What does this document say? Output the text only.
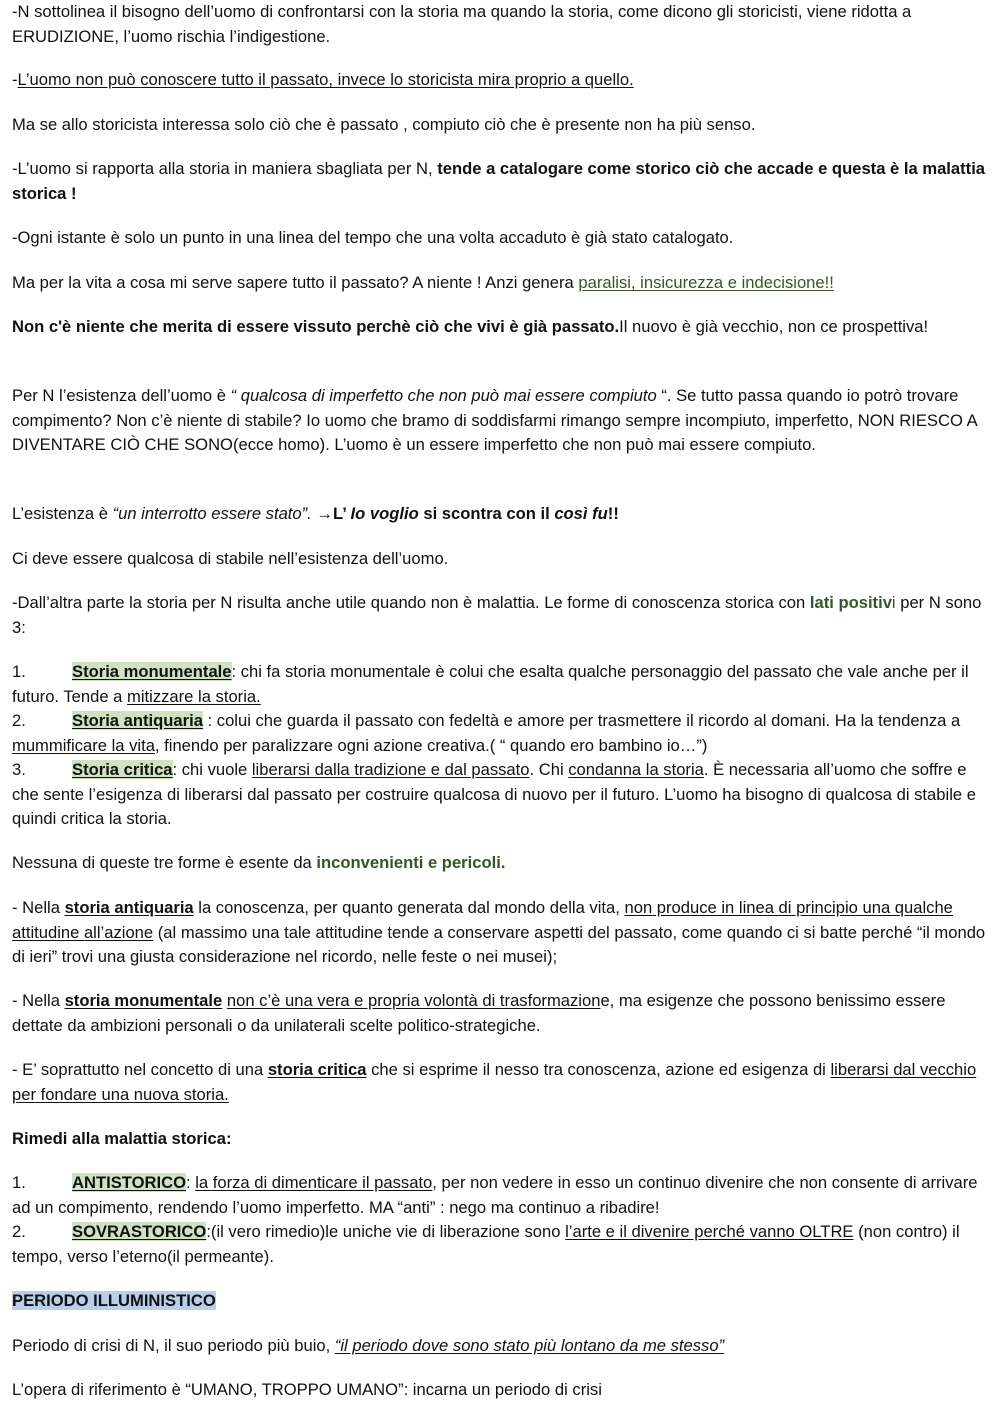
-N sottolinea il bisogno dell’uomo di confrontarsi con la storia ma quando la storia, come dicono gli storicisti, viene ridotta a ERUDIZIONE, l’uomo rischia l’indigestione.

-L’uomo non può conoscere tutto il passato, invece lo storicista mira proprio a quello.

Ma se allo storicista interessa solo ciò che è passato , compiuto ciò che è presente non ha più senso.

-L’uomo si rapporta alla storia in maniera sbagliata per N, tende a catalogare come storico ciò che accade e questa è la malattia storica !

-Ogni istante è solo un punto in una linea del tempo che una volta accaduto è già stato catalogato.

Ma per la vita a cosa mi serve sapere tutto il passato? A niente ! Anzi genera paralisi, insicurezza e indecisione!!

Non c'è niente che merita di essere vissuto perchè ciò che vivi è già passato.Il nuovo è già vecchio, non ce prospettiva!

Per N l’esistenza dell’uomo è “ qualcosa di imperfetto che non può mai essere compiuto “. Se tutto passa quando io potrò trovare compimento? Non c’è niente di stabile? Io uomo che bramo di soddisfarmi rimango sempre incompiuto, imperfetto, NON RIESCO A DIVENTARE CIÒ CHE SONO(ecce homo). L’uomo è un essere imperfetto che non può mai essere compiuto.

L’esistenza è “un interrotto essere stato”. →L’ Io voglio si scontra con il così fu!!

Ci deve essere qualcosa di stabile nell’esistenza dell’uomo.

-Dall’altra parte la storia per N risulta anche utile quando non è malattia. Le forme di conoscenza storica con lati positivi per N sono 3:

1.	Storia monumentale: chi fa storia monumentale è colui che esalta qualche personaggio del passato che vale anche per il futuro. Tende a mitizzare la storia.

2.	Storia antiquaria : colui che guarda il passato con fedeltà e amore per trasmettere il ricordo al domani. Ha la tendenza a mummificare la vita, finendo per paralizzare ogni azione creativa.( “ quando ero bambino io…”)

3.	Storia critica: chi vuole liberarsi dalla tradizione e dal passato. Chi condanna la storia. È necessaria all’uomo che soffre e che sente l’esigenza di liberarsi dal passato per costruire qualcosa di nuovo per il futuro. L’uomo ha bisogno di qualcosa di stabile e quindi critica la storia.

Nessuna di queste tre forme è esente da inconvenienti e pericoli.

- Nella storia antiquaria la conoscenza, per quanto generata dal mondo della vita, non produce in linea di principio una qualche attitudine all’azione (al massimo una tale attitudine tende a conservare aspetti del passato, come quando ci si batte perché “il mondo di ieri” trovi una giusta considerazione nel ricordo, nelle feste o nei musei);

- Nella storia monumentale non c’è una vera e propria volontà di trasformazione, ma esigenze che possono benissimo essere dettate da ambizioni personali o da unilaterali scelte politico-strategiche.

- E’ soprattutto nel concetto di una storia critica che si esprime il nesso tra conoscenza, azione ed esigenza di liberarsi dal vecchio per fondare una nuova storia.

Rimedi alla malattia storica:

1.	ANTISTORICO: la forza di dimenticare il passato, per non vedere in esso un continuo divenire che non consente di arrivare ad un compimento, rendendo l’uomo imperfetto. MA “anti” : nego ma continuo a ribadire!

2.	SOVRASTORICO:(il vero rimedio)le uniche vie di liberazione sono l’arte e il divenire perché vanno OLTRE (non contro) il tempo, verso l’eterno(il permeante).

PERIODO ILLUMINISTICO

Periodo di crisi di N, il suo periodo più buio, “il periodo dove sono stato più lontano da me stesso”

L’opera di riferimento è “UMANO, TROPPO UMANO”: incarna un periodo di crisi
